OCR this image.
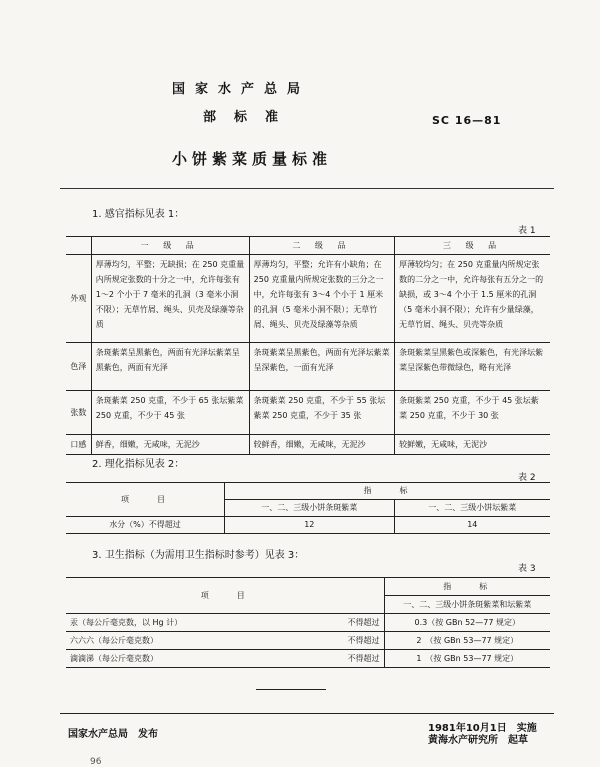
国家水产总局
部标准	SC 16—81
小饼紫菜质量标准
1. 感官指标见表 1：
表 1
	一 级 品	二 级 品	三 级 品
外观	厚薄均匀，平整；无缺损；在 250 克重量内所规定张数的十分之一中，允许每张有 1～2 个小于 7 毫米的孔洞（3 毫米小洞不限）；无草竹屑、绳头、贝壳及绿藻等杂质	厚薄均匀，平整；允许有小缺角；在 250 克重量内所规定张数的三分之一中，允许每张有 3～4 个小于 1 厘米的孔洞（5 毫米小洞不限）；无草竹屑、绳头、贝壳及绿藻等杂质	厚薄较均匀；在 250 克重量内所规定张数的二分之一中，允许每张有五分之一的缺损，或 3～4 个小于 1.5 厘米的孔洞（5 毫米小洞不限）；允许有少量绿藻，无草竹屑、绳头、贝壳等杂质
色泽	条斑紫菜呈黑紫色，两面有光泽坛紫菜呈黑紫色，两面有光泽	条斑紫菜呈黑紫色，两面有光泽坛紫菜呈深紫色，一面有光泽	条斑紫菜呈黑紫色或深紫色，有光泽坛紫菜呈深紫色带微绿色，略有光泽
张数	条斑紫菜 250 克重，不少于 65 张坛紫菜 250 克重，不少于 45 张	条斑紫菜 250 克重，不少于 55 张坛紫菜 250 克重，不少于 35 张	条斑紫菜 250 克重，不少于 45 张坛紫菜 250 克重，不少于 30 张
口感	鲜香，细嫩，无咸味，无泥沙	较鲜香，细嫩，无咸味，无泥沙	较鲜嫩，无咸味，无泥沙
2. 理化指标见表 2：
表 2
项　　目	指　　标	
	一、二、三级小饼条斑紫菜	一、二、三级小饼坛紫菜
水分（%）不得超过	12	14
3. 卫生指标（为需用卫生指标时参考）见表 3：
表 3
项　　目		指　　标
		一、二、三级小饼条斑紫菜和坛紫菜
汞（每公斤毫克数，以 Hg 计）	不得超过	0.3（按 GBn 52—77 规定）
六六六（每公斤毫克数）	不得超过	2　（按 GBn 53—77 规定）
滴滴涕（每公斤毫克数）	不得超过	1　（按 GBn 53—77 规定）
国家水产总局　发布
1981年10月1日　实施
黄海水产研究所　起草
96
